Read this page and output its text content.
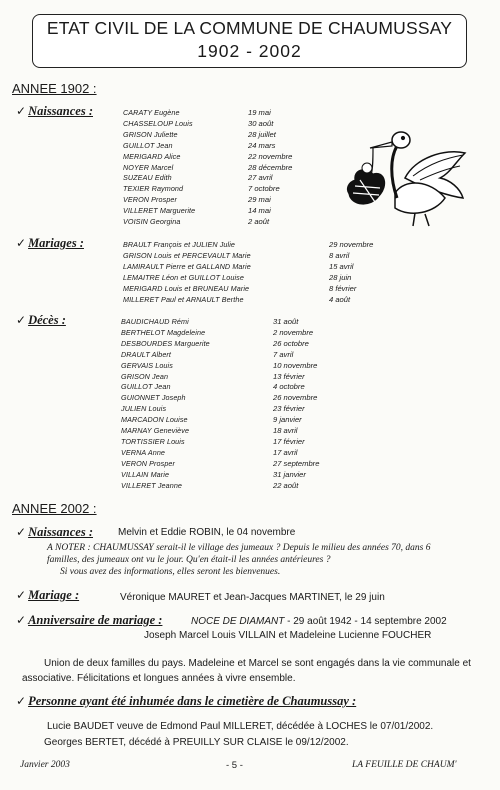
ETAT CIVIL DE LA COMMUNE DE CHAUMUSSAY
1902 - 2002
ANNEE 1902 :
✓ Naissances :	CARATY Eugène	19 mai
CHASSELOUP Louis	30 août
GRISON Juliette	28 juillet
GUILLOT Jean	24 mars
MERIGARD Alice	22 novembre
NOYER Marcel	28 décembre
SUZEAU Edith	27 avril
TEXIER Raymond	7 octobre
VERON Prosper	29 mai
VILLERET Marguerite	14 mai
VOISIN Georgina	2 août
✓ Mariages :	BRAULT François et JULIEN Julie	29 novembre
GRISON Louis et PERCEVAULT Marie	8 avril
LAMIRAULT Pierre et GALLAND Marie	15 avril
LEMAITRE Léon et GUILLOT Louise	28 juin
MERIGARD Louis et BRUNEAU Marie	8 février
MILLERET Paul et ARNAULT Berthe	4 août
✓ Décès :	BAUDICHAUD Rémi	31 août
BERTHELOT Magdeleine	2 novembre
DESBOURDES Marguerite	26 octobre
DRAULT Albert	7 avril
GERVAIS Louis	10 novembre
GRISON Jean	13 février
GUILLOT Jean	4 octobre
GUIONNET Joseph	26 novembre
JULIEN Louis	23 février
MARCADON Louise	9 janvier
MARNAY Geneviève	18 avril
TORTISSIER Louis	17 février
VERNA Anne	17 avril
VERON Prosper	27 septembre
VILLAIN Marie	31 janvier
VILLERET Jeanne	22 août
ANNEE 2002 :
✓ Naissances :	Melvin et Eddie ROBIN, le 04 novembre
A NOTER : CHAUMUSSAY serait-il le village des jumeaux ? Depuis le milieu des années 70, dans 6
familles, des jumeaux ont vu le jour. Qu'en était-il les années antérieures ?
Si vous avez des informations, elles seront les bienvenues.
✓ Mariage :	Véronique MAURET et Jean-Jacques MARTINET, le 29 juin
✓ Anniversaire de mariage :	NOCE DE DIAMANT - 29 août 1942 - 14 septembre 2002
Joseph Marcel Louis VILLAIN et Madeleine Lucienne FOUCHER
Union de deux familles du pays. Madeleine et Marcel se sont engagés dans la vie communale et associative. Félicitations et longues années à vivre ensemble.
✓ Personne ayant été inhumée dans le cimetière de Chaumussay :
Lucie BAUDET veuve de Edmond Paul MILLERET, décédée à LOCHES le 07/01/2002.
Georges BERTET, décédé à PREUILLY SUR CLAISE le 09/12/2002.
Janvier 2003	- 5 -	LA FEUILLE DE CHAUM'
